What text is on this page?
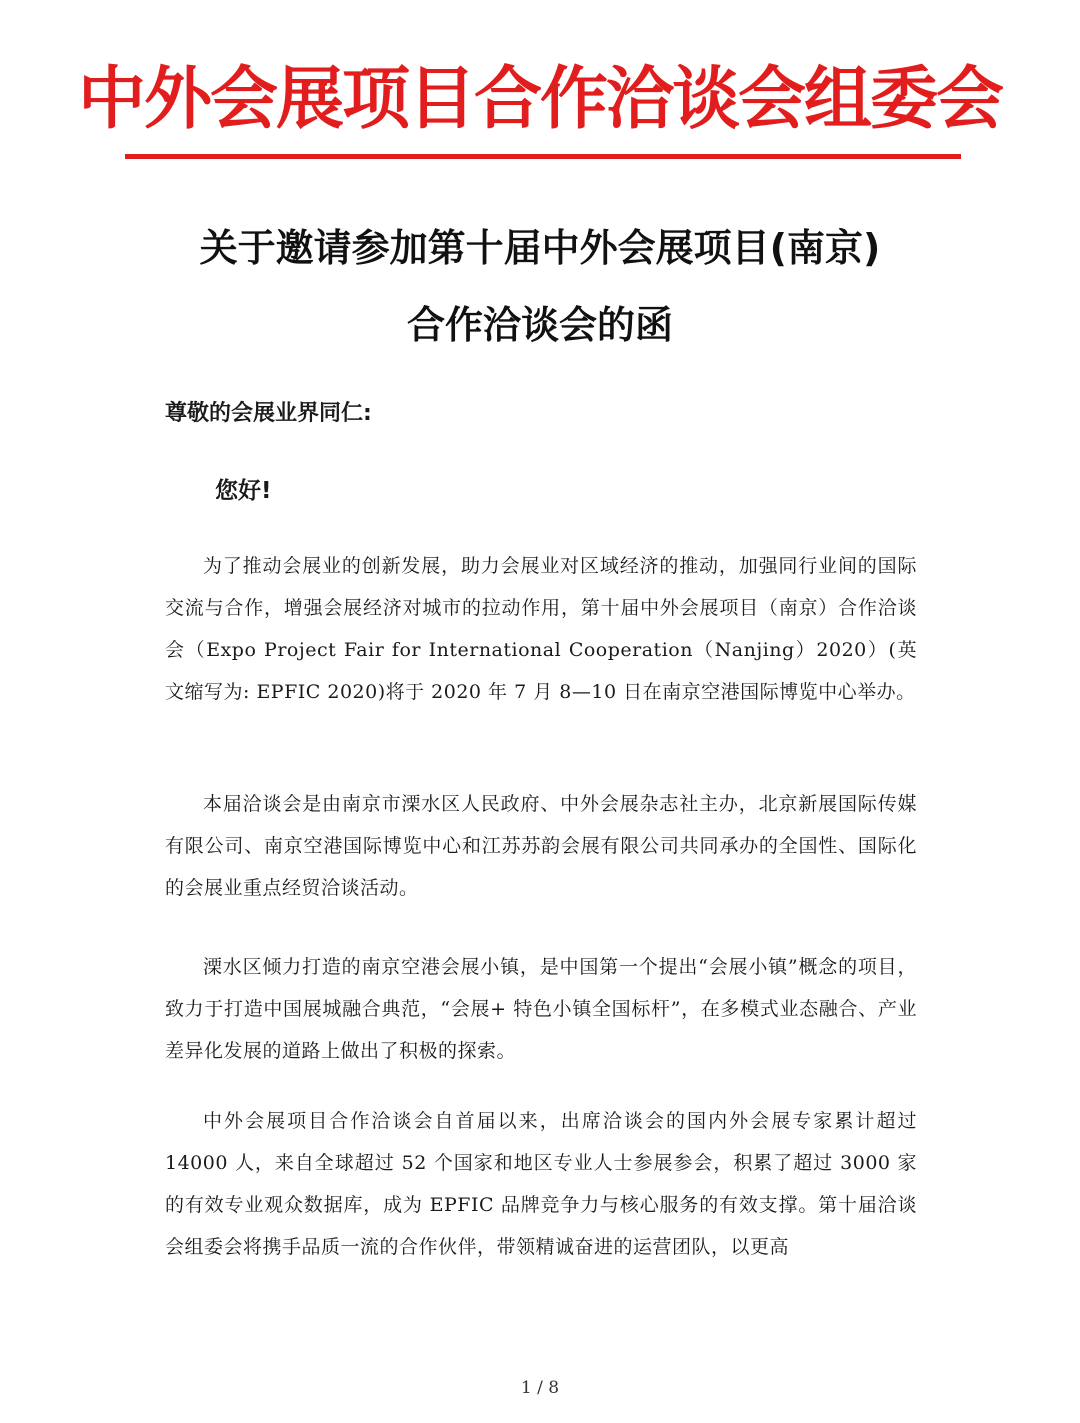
中外会展项目合作洽谈会组委会
关于邀请参加第十届中外会展项目(南京)
合作洽谈会的函
尊敬的会展业界同仁:
您好!

为了推动会展业的创新发展，助力会展业对区域经济的推动，加强同行业间的国际交流与合作，增强会展经济对城市的拉动作用，第十届中外会展项目（南京）合作洽谈会（Expo Project Fair for International Cooperation（Nanjing）2020）(英文缩写为: EPFIC 2020)将于 2020 年 7 月 8—10 日在南京空港国际博览中心举办。

本届洽谈会是由南京市溧水区人民政府、中外会展杂志社主办，北京新展国际传媒有限公司、南京空港国际博览中心和江苏苏韵会展有限公司共同承办的全国性、国际化的会展业重点经贸洽谈活动。

溧水区倾力打造的南京空港会展小镇，是中国第一个提出“会展小镇”概念的项目，致力于打造中国展城融合典范，“会展+ 特色小镇全国标杆”，在多模式业态融合、产业差异化发展的道路上做出了积极的探索。

中外会展项目合作洽谈会自首届以来，出席洽谈会的国内外会展专家累计超过 14000 人，来自全球超过 52 个国家和地区专业人士参展参会，积累了超过 3000 家的有效专业观众数据库，成为 EPFIC 品牌竞争力与核心服务的有效支撑。第十届洽谈会组委会将携手品质一流的合作伙伴，带领精诚奋进的运营团队，以更高

1 / 8
